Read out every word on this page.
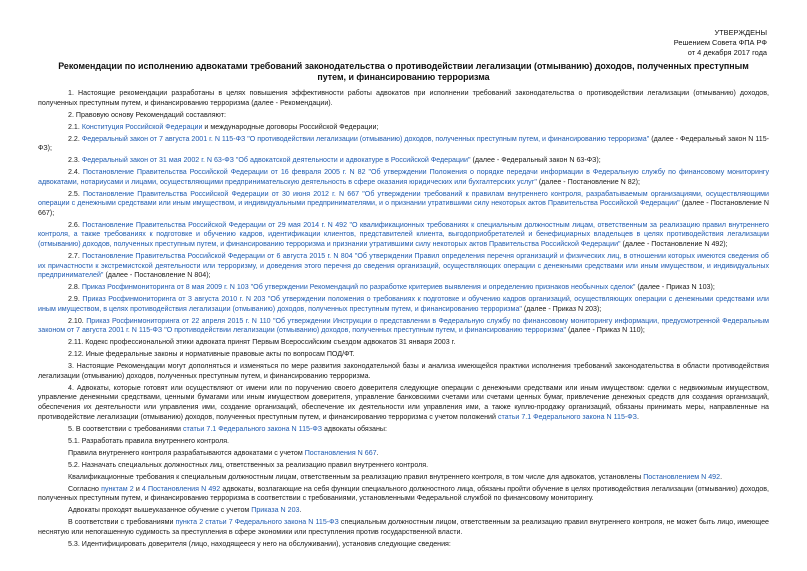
УТВЕРЖДЕНЫ
Решением Совета ФПА РФ
от 4 декабря 2017 года
Рекомендации по исполнению адвокатами требований законодательства о противодействии легализации (отмыванию) доходов, полученных преступным путем, и финансированию терроризма
1. Настоящие рекомендации разработаны в целях повышения эффективности работы адвокатов при исполнении требований законодательства о противодействии легализации (отмыванию) доходов, полученных преступным путем, и финансированию терроризма (далее - Рекомендации).
2. Правовую основу Рекомендаций составляют:
2.1. Конституция Российской Федерации и международные договоры Российской Федерации;
2.2. Федеральный закон от 7 августа 2001 г. N 115-ФЗ "О противодействии легализации (отмыванию) доходов, полученных преступным путем, и финансированию терроризма" (далее - Федеральный закон N 115-ФЗ);
2.3. Федеральный закон от 31 мая 2002 г. N 63-ФЗ "Об адвокатской деятельности и адвокатуре в Российской Федерации" (далее - Федеральный закон N 63-ФЗ);
2.4. Постановление Правительства Российской Федерации от 16 февраля 2005 г. N 82 "Об утверждении Положения о порядке передачи информации в Федеральную службу по финансовому мониторингу адвокатами, нотариусами и лицами, осуществляющими предпринимательскую деятельность в сфере оказания юридических или бухгалтерских услуг" (далее - Постановление N 82);
2.5. Постановление Правительства Российской Федерации от 30 июня 2012 г. N 667 "Об утверждении требований к правилам внутреннего контроля, разрабатываемым организациями, осуществляющими операции с денежными средствами или иным имуществом, и индивидуальными предпринимателями, и о признании утратившими силу некоторых актов Правительства Российской Федерации" (далее - Постановление N 667);
2.6. Постановление Правительства Российской Федерации от 29 мая 2014 г. N 492 "О квалификационных требованиях к специальным должностным лицам, ответственным за реализацию правил внутреннего контроля, а также требованиях к подготовке и обучению кадров, идентификации клиентов, представителей клиента, выгодоприобретателей и бенефициарных владельцев в целях противодействия легализации (отмыванию) доходов, полученных преступным путем, и финансированию терроризма и признании утратившими силу некоторых актов Правительства Российской Федерации" (далее - Постановление N 492);
2.7. Постановление Правительства Российской Федерации от 6 августа 2015 г. N 804 "Об утверждении Правил определения перечня организаций и физических лиц, в отношении которых имеются сведения об их причастности к экстремистской деятельности или терроризму, и доведения этого перечня до сведения организаций, осуществляющих операции с денежными средствами или иным имуществом, и индивидуальных предпринимателей" (далее - Постановление N 804);
2.8. Приказ Росфинмониторинга от 8 мая 2009 г. N 103 "Об утверждении Рекомендаций по разработке критериев выявления и определению признаков необычных сделок" (далее - Приказ N 103);
2.9. Приказ Росфинмониторинга от 3 августа 2010 г. N 203 "Об утверждении положения о требованиях к подготовке и обучению кадров организаций, осуществляющих операции с денежными средствами или иным имуществом, в целях противодействия легализации (отмыванию) доходов, полученных преступным путем, и финансированию терроризма" (далее - Приказ N 203);
2.10. Приказ Росфинмониторинга от 22 апреля 2015 г. N 110 "Об утверждении Инструкции о представлении в Федеральную службу по финансовому мониторингу информации, предусмотренной Федеральным законом от 7 августа 2001 г. N 115-ФЗ "О противодействии легализации (отмыванию) доходов, полученных преступным путем, и финансированию терроризма" (далее - Приказ N 110);
2.11. Кодекс профессиональной этики адвоката принят Первым Всероссийским съездом адвокатов 31 января 2003 г.
2.12. Иные федеральные законы и нормативные правовые акты по вопросам ПОД/ФТ.
3. Настоящие Рекомендации могут дополняться и изменяться по мере развития законодательной базы и анализа имеющейся практики исполнения требований законодательства в области противодействия легализации (отмыванию) доходов, полученных преступным путем, и финансированию терроризма.
4. Адвокаты, которые готовят или осуществляют от имени или по поручению своего доверителя следующие операции с денежными средствами или иным имуществом: сделки с недвижимым имуществом, управление денежными средствами, ценными бумагами или иным имуществом доверителя, управление банковскими счетами или счетами ценных бумаг, привлечение денежных средств для создания организаций, обеспечения их деятельности или управления ими, создание организаций, обеспечение их деятельности или управления ими, а также куплю-продажу организаций, обязаны принимать меры, направленные на противодействие легализации (отмыванию) доходов, полученных преступным путем, и финансированию терроризма с учетом положений статьи 7.1 Федерального закона N 115-ФЗ.
5. В соответствии с требованиями статьи 7.1 Федерального закона N 115-ФЗ адвокаты обязаны:
5.1. Разработать правила внутреннего контроля.
Правила внутреннего контроля разрабатываются адвокатами с учетом Постановления N 667.
5.2. Назначать специальных должностных лиц, ответственных за реализацию правил внутреннего контроля.
Квалификационные требования к специальным должностным лицам, ответственным за реализацию правил внутреннего контроля, в том числе для адвокатов, установлены Постановлением N 492.
Согласно пунктам 2 и 4 Постановления N 492 адвокаты, возлагающие на себя функции специального должностного лица, обязаны пройти обучение в целях противодействия легализации (отмыванию) доходов, полученных преступным путем, и финансированию терроризма в соответствии с требованиями, установленными Федеральной службой по финансовому мониторингу.
Адвокаты проходят вышеуказанное обучение с учетом Приказа N 203.
В соответствии с требованиями пункта 2 статьи 7 Федерального закона N 115-ФЗ специальным должностным лицом, ответственным за реализацию правил внутреннего контроля, не может быть лицо, имеющее неснятую или непогашенную судимость за преступления в сфере экономики или преступления против государственной власти.
5.3. Идентифицировать доверителя (лицо, находящееся у него на обслуживании), установив следующие сведения:
